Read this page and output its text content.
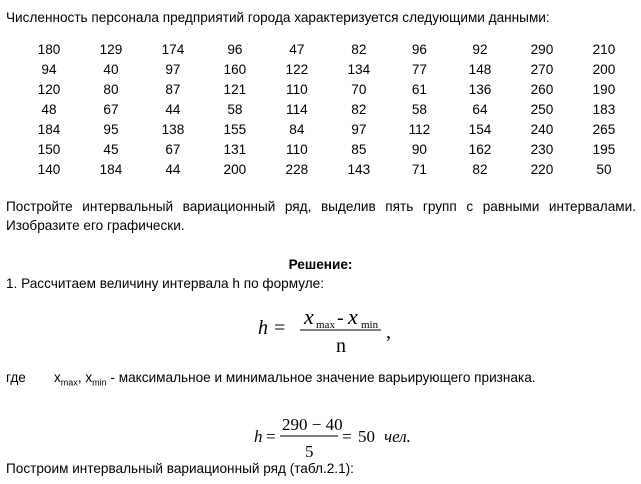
Численность персонала предприятий города характеризуется следующими данными:
180	129	174	96	47	82	96	92	290	210
94	40	97	160	122	134	77	148	270	200
120	80	87	121	110	70	61	136	260	190
48	67	44	58	114	82	58	64	250	183
184	95	138	155	84	97	112	154	240	265
150	45	67	131	110	85	90	162	230	195
140	184	44	200	228	143	71	82	220	50
Постройте интервальный вариационный ряд, выделив пять групп с равными интервалами.
Изобразите его графически.
Решение:
1. Рассчитаем величину интервала h по формуле:
h = x max - x min
n
,
где $x_{max}$, $x_{min}$ - максимальное и минимальное значение варьирующего признака.
h =
290 − 40
5
= 50 чел.
Построим интервальный вариационный ряд (табл.2.1):
